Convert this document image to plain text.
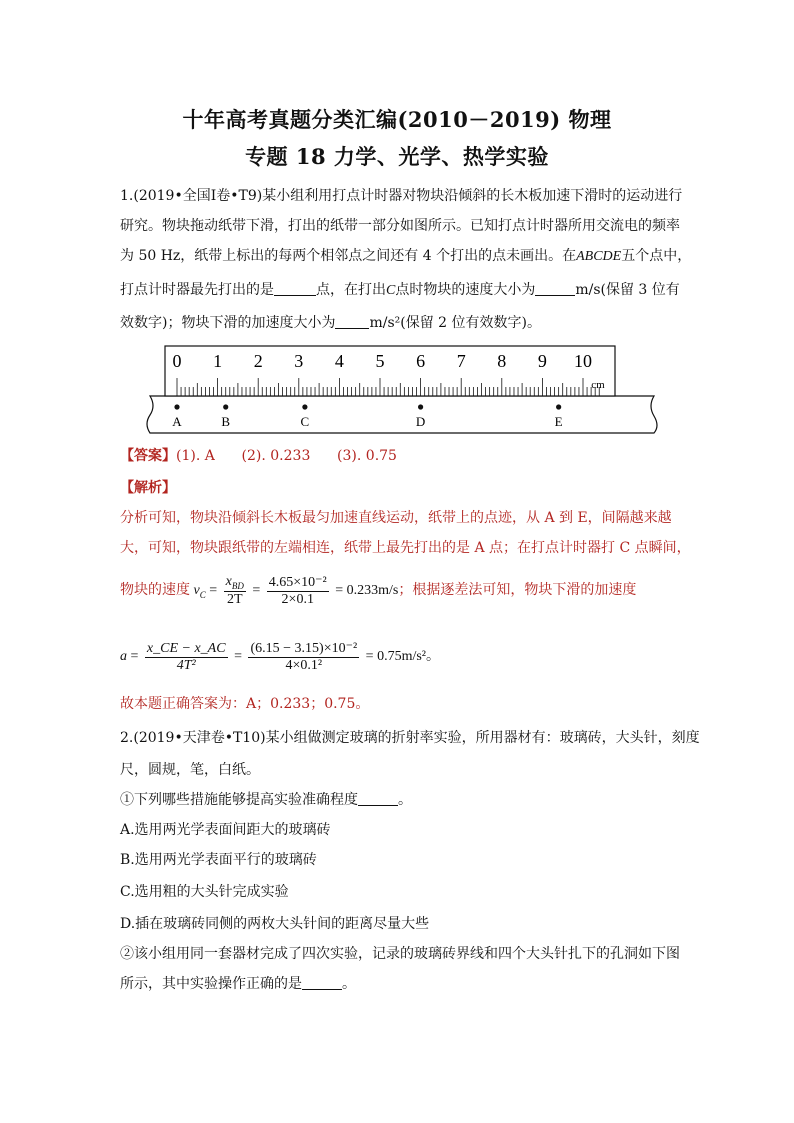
十年高考真题分类汇编(2010－2019) 物理
专题 18 力学、光学、热学实验
1.(2019•全国Ⅰ卷•T9)某小组利用打点计时器对物块沿倾斜的长木板加速下滑时的运动进行
研究。物块拖动纸带下滑，打出的纸带一部分如图所示。已知打点计时器所用交流电的频率
为 50 Hz，纸带上标出的每两个相邻点之间还有 4 个打出的点未画出。在ABCDE五个点中，
打点计时器最先打出的是	点，在打出C点时物块的速度大小为	m/s(保留 3 位有
效数字)；物块下滑的加速度大小为 m/s²(保留 2 位有效数字)。
0 1 2 3 4 5 6 7 8 9 10
cm
A	B	C	D	E
【答案】(1). A      (2). 0.233      (3). 0.75
【解析】
分析可知，物块沿倾斜长木板最匀加速直线运动，纸带上的点迹，从 A 到 E，间隔越来越
大，可知，物块跟纸带的左端相连，纸带上最先打出的是 A 点；在打点计时器打 C 点瞬间，
物块的速度 $v_C = \frac{x_{BD}}{2T} = \frac{\text{4.65×10⁻²}}{2\times 0.1} = 0.233m/s$；根据逐差法可知，物块下滑的加速度
$a = \frac{x\_CE - x\_AC}{\text{4T²}} = \frac{\text{(6.15 − 3.15)×10⁻²}}{\text{4×0.1²}} = 0.75m/s^2$。
故本题正确答案为：A；0.233；0.75。
2.(2019•天津卷•T10)某小组做测定玻璃的折射率实验，所用器材有：玻璃砖，大头针，刻度
尺，圆规，笔，白纸。
①下列哪些措施能够提高实验准确程度	。
A.选用两光学表面间距大的玻璃砖
B.选用两光学表面平行的玻璃砖
C.选用粗的大头针完成实验
D.插在玻璃砖同侧的两枚大头针间的距离尽量大些
②该小组用同一套器材完成了四次实验，记录的玻璃砖界线和四个大头针扎下的孔洞如下图
所示，其中实验操作正确的是	。
